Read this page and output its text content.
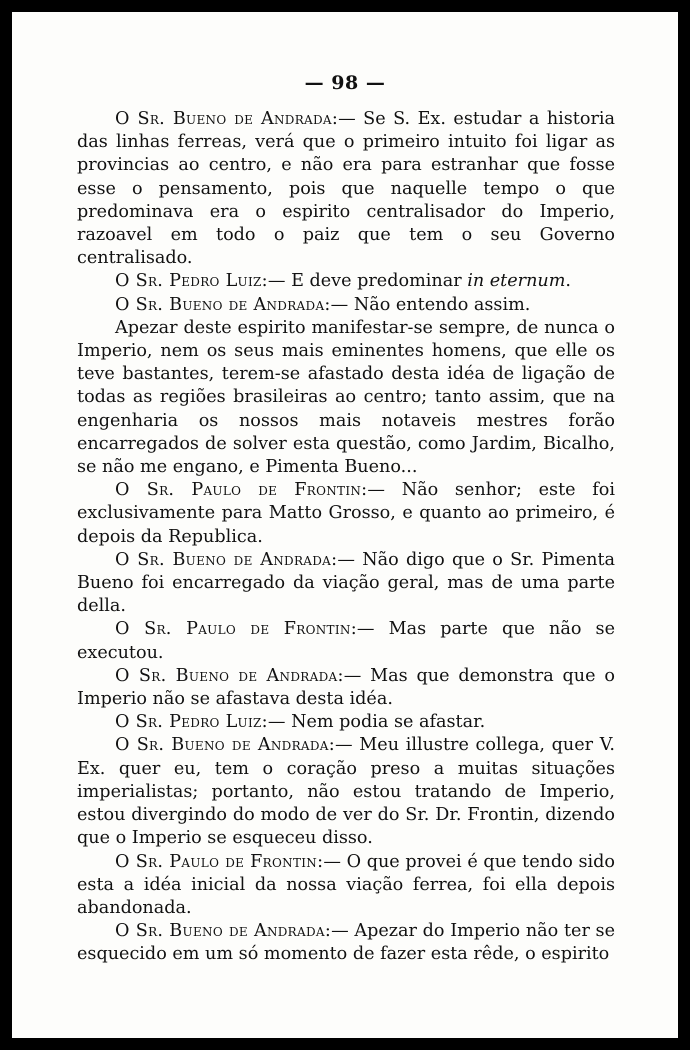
— 98 —

O Sr. Bueno de Andrada:— Se S. Ex. estudar a historia das linhas ferreas, verá que o primeiro intuito foi ligar as provincias ao centro, e não era para estranhar que fosse esse o pensamento, pois que naquelle tempo o que predominava era o espirito centralisador do Imperio, razoavel em todo o paiz que tem o seu Governo centralisado.

O Sr. Pedro Luiz:— E deve predominar in eternum.

O Sr. Bueno de Andrada:— Não entendo assim.

Apezar deste espirito manifestar-se sempre, de nunca o Imperio, nem os seus mais eminentes homens, que elle os teve bastantes, terem-se afastado desta idéa de ligação de todas as regiões brasileiras ao centro; tanto assim, que na engenharia os nossos mais notaveis mestres forão encarregados de solver esta questão, como Jardim, Bicalho, se não me engano, e Pimenta Bueno...

O Sr. Paulo de Frontin:— Não senhor; este foi exclusivamente para Matto Grosso, e quanto ao primeiro, é depois da Republica.

O Sr. Bueno de Andrada:— Não digo que o Sr. Pimenta Bueno foi encarregado da viação geral, mas de uma parte della.

O Sr. Paulo de Frontin:— Mas parte que não se executou.

O Sr. Bueno de Andrada:— Mas que demonstra que o Imperio não se afastava desta idéa.

O Sr. Pedro Luiz:— Nem podia se afastar.

O Sr. Bueno de Andrada:— Meu illustre collega, quer V. Ex. quer eu, tem o coração preso a muitas situações imperialistas; portanto, não estou tratando de Imperio, estou divergindo do modo de ver do Sr. Dr. Frontin, dizendo que o Imperio se esqueceu disso.

O Sr. Paulo de Frontin:— O que provei é que tendo sido esta a idéa inicial da nossa viação ferrea, foi ella depois abandonada.

O Sr. Bueno de Andrada:— Apezar do Imperio não ter se esquecido em um só momento de fazer esta rêde, o espirito
